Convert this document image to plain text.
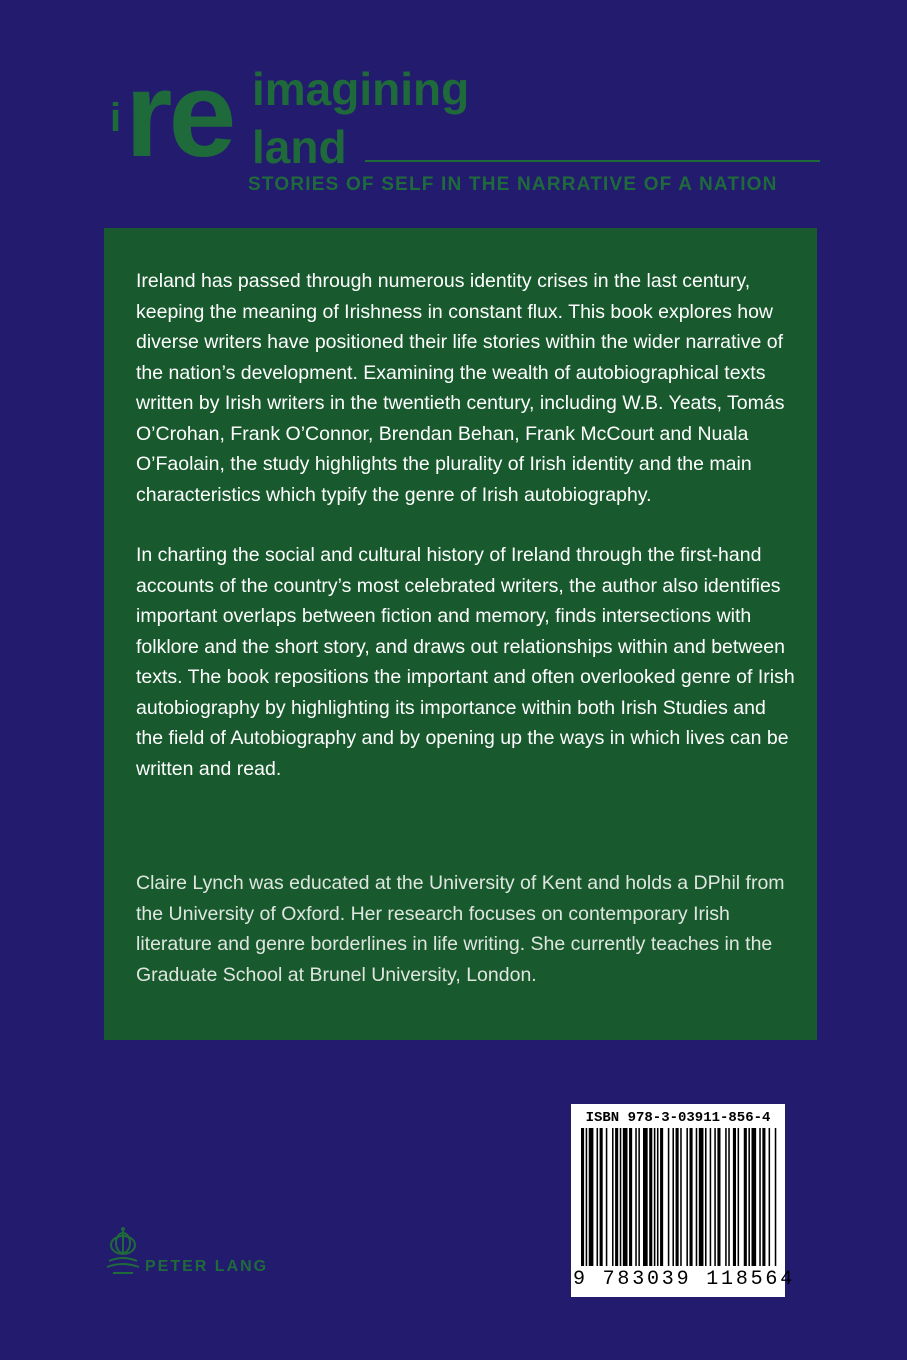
i re imagining
land
STORIES OF SELF IN THE NARRATIVE OF A NATION

Ireland has passed through numerous identity crises in the last century, keeping the meaning of Irishness in constant flux. This book explores how diverse writers have positioned their life stories within the wider narrative of the nation’s development. Examining the wealth of autobiographical texts written by Irish writers in the twentieth century, including W.B. Yeats, Tomás O’Crohan, Frank O’Connor, Brendan Behan, Frank McCourt and Nuala O’Faolain, the study highlights the plurality of Irish identity and the main characteristics which typify the genre of Irish autobiography.

In charting the social and cultural history of Ireland through the first-hand accounts of the country’s most celebrated writers, the author also identifies important overlaps between fiction and memory, finds intersections with folklore and the short story, and draws out relationships within and between texts. The book repositions the important and often overlooked genre of Irish autobiography by highlighting its importance within both Irish Studies and the field of Autobiography and by opening up the ways in which lives can be written and read.

Claire Lynch was educated at the University of Kent and holds a DPhil from the University of Oxford. Her research focuses on contemporary Irish literature and genre borderlines in life writing. She currently teaches in the Graduate School at Brunel University, London.

PETER LANG
ISBN 978-3-03911-856-4
9 783039 118564
